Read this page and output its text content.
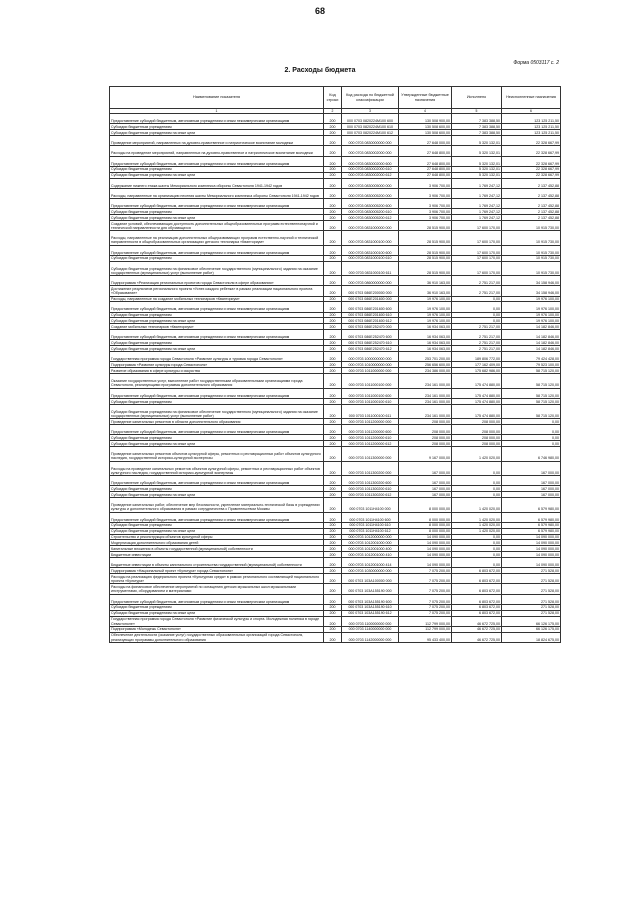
68
Форма 0503117 с. 2
2. Расходы бюджета
Наименование показателя	Код строки	Код расхода по бюджетной классификации	Утвержденные бюджетные назначения	Исполнено	Неисполненные назначения
1	2	3	4	5	6
Предоставление субсидий бюджетным, автономным учреждениям и иным некоммерческим организациям	200	000 0703 0820224M100 600	130 508 900,00	7 383 388,50	123 125 211,50
Субсидии бюджетным учреждениям	200	000 0703 0820224M100 610	130 508 600,00	7 383 388,50	123 125 211,50
Субсидии бюджетным учреждениям на иные цели	200	000 0703 0820224M100 612	130 508 600,00	7 383 388,50	123 125 211,50
Проведение мероприятий, направленных на духовно-нравственное и патриотическое воспитание молодежи	200	000 0703 0830000000 000	27 648 000,00	5 320 132,01	22 328 667,99
Расходы на проведение мероприятий, направленных на духовно-нравственное и патриотическое воспитание молодежи	200	000 0703 0830002000 000	27 648 800,00	5 320 132,01	22 328 667,99
Предоставление субсидий бюджетным, автономным учреждениям и иным некоммерческим организациям	200	000 0703 0830002000 600	27 648 800,00	5 320 132,01	22 328 667,99
Субсидии бюджетным учреждениям	200	000 0703 0830002000 610	27 648 800,00	5 320 132,01	22 328 667,99
Субсидии бюджетным учреждениям на иные цели	200	000 0703 0830002000 612	27 648 800,00	5 320 132,01	22 328 667,99
Содержание нижнего этажа шахты Мемориального комплекса обороны Севастополя 1941-1942 годов	200	000 0703 0830005000 000	3 906 700,00	1 769 247,12	2 137 452,88
Расходы, направленные на организацию несения шахты Мемориального комплекса обороны Севастополя 1941-1942 годов	200	000 0703 0830005200 000	3 906 700,00	1 769 247,12	2 137 452,88
Предоставление субсидий бюджетным, автономным учреждениям и иным некоммерческим организациям	200	000 0703 0830005200 600	3 906 700,00	1 769 247,12	2 137 452,88
Субсидии бюджетным учреждениям	200	000 0703 0830005200 610	3 906 700,00	1 769 247,12	2 137 452,88
Субсидии бюджетным учреждениям на иные цели	200	000 0703 0830005200 612	3 906 700,00	1 769 247,12	2 137 452,88
Создание условий, обеспечивающих доступность дополнительных общеобразовательных программ естественнонаучной и технической направленности для обучающихся	200	000 0703 0831000000 000	28 515 900,00	17 600 170,00	10 915 730,00
Расходы, направленные на реализацию дополнительных общеразвивающих программ естественно-научной и технической направленности в общеобразовательных организациях детского технопарка «Кванториум»	200	000 0703 0831000100 000	28 515 900,00	17 600 170,00	10 915 730,00
Предоставление субсидий бюджетным, автономным учреждениям и иным некоммерческим организациям	200	000 0703 0831000100 600	28 515 900,00	17 600 170,00	10 915 730,00
Субсидии бюджетным учреждениям	200	000 0703 0831000100 610	28 515 900,00	17 600 170,00	10 915 730,00
Субсидии бюджетным учреждениям на финансовое обеспечение государственного (муниципального) задания на оказание государственных (муниципальных) услуг (выполнение работ)	200	000 0703 0831000100 611	28 515 900,00	17 600 170,00	10 915 730,00
Подпрограмма «Реализация региональных проектов города Севастополя в сфере образования»	200	000 0703 0860000000 000	36 910 163,00	2 751 217,00	34 158 946,00
Достижение результатов регионального проекта «Успех каждого ребенка» в рамках реализации национального проекта «Образование»	200	000 0703 086E200000 000	36 910 163,00	2 751 217,00	34 158 946,00
Расходы, направленные на создание мобильных технопарков «Кванториум»	200	000 0703 086E201600 000	19 976 100,00	0,00	19 976 100,00
Предоставление субсидий бюджетным, автономным учреждениям и иным некоммерческим организациям	200	000 0703 086E201600 600	19 976 100,00	0,00	19 976 100,00
Субсидии бюджетным учреждениям	200	000 0703 086E201600 610	19 976 100,00	0,00	19 976 100,00
Субсидии бюджетным учреждениям на иные цели	200	000 0703 086E201600 612	19 976 100,00	0,00	19 976 100,00
Создание мобильных технопарков «Кванториум»	200	000 0703 086E252470 000	16 934 063,00	2 751 217,00	14 182 846,00
Предоставление субсидий бюджетным, автономным учреждениям и иным некоммерческим организациям	200	000 0703 086E252470 600	16 934 063,00	2 751 217,00	14 182 846,00
Субсидии бюджетным учреждениям	200	000 0703 086E252470 610	16 934 063,00	2 751 217,00	14 182 846,00
Субсидии бюджетным учреждениям на иные цели	200	000 0703 086E252470 612	16 934 063,00	2 751 217,00	14 182 846,00
Государственная программа города Севастополя «Развитие культуры и туризма города Севастополя»	200	000 0703 1000000000 000	253 701 200,00	189 806 772,00	79 424 428,00
Подпрограмма «Развитие культуры города Севастополя»	200	000 0703 1010000000 000	256 656 600,00	177 162 409,00	79 523 100,00
Развитие образования в сфере культуры и искусства	200	000 0703 1011000000 000	234 386 000,00	175 682 986,00	58 715 120,00
Оказание государственных услуг, выполнение работ государственными образовательными организациями города Севастополя, реализующими программы дополнительного образования	200	000 0703 1011000100 000	234 161 000,00	175 474 880,00	58 715 120,00
Предоставление субсидий бюджетным, автономным учреждениям и иным некоммерческим организациям	200	000 0703 1011000100 600	234 161 000,00	175 474 880,00	58 715 120,00
Субсидии бюджетным учреждениям	200	000 0703 1011000100 610	234 161 000,00	175 474 880,00	58 715 120,00
Субсидии бюджетным учреждениям на финансовое обеспечение государственного (муниципального) задания на оказание государственных (муниципальных) услуг (выполнение работ)	200	000 0703 1011000100 611	234 161 000,00	175 474 880,00	58 715 120,00
Проведение капитальных ремонтов в области дополнительного образования	200	000 0703 1011200000 000	208 000,00	208 000,00	0,00
Предоставление субсидий бюджетным, автономным учреждениям и иным некоммерческим организациям	200	000 0703 1011200000 600	208 000,00	208 000,00	0,00
Субсидии бюджетным учреждениям	200	000 0703 1011200000 610	208 000,00	208 000,00	0,00
Субсидии бюджетным учреждениям на иные цели	200	000 0703 1011200000 612	208 000,00	208 000,00	0,00
Проведение капитальных ремонтов объектов культурной сферы, ремонтных и реставрационных работ объектов культурного наследия, государственной историко-культурной экспертизы	200	000 0703 1011300000 000	9 167 000,00	1 420 020,00	6 746 980,00
Расходы на проведение капитальных ремонтов объектов культурной сферы, ремонтных и реставрационных работ объектов культурного наследия, государственной историко-культурной экспертизы	200	000 0703 1011300200 000	167 000,00	0,00	167 000,00
Предоставление субсидий бюджетным, автономным учреждениям и иным некоммерческим организациям	200	000 0703 1011300200 600	167 000,00	0,00	167 000,00
Субсидии бюджетным учреждениям	200	000 0703 1011300200 610	167 000,00	0,00	167 000,00
Субсидии бюджетным учреждениям на иные цели	200	000 0703 1011300200 612	167 000,00	0,00	167 000,00
Проведение капитальных работ, обеспечение мер безопасности, укрепление материально-технической базы в учреждениях культуры и дополнительного образования в рамках сотрудничества с Правительством Москвы	200	000 0703 1011H4100 000	8 000 000,00	1 420 020,00	6 579 980,00
Предоставление субсидий бюджетным, автономным учреждениям и иным некоммерческим организациям	200	000 0703 1011H4100 600	8 000 000,00	1 420 020,00	6 579 980,00
Субсидии бюджетным учреждениям	200	000 0703 1011H4100 610	8 000 000,00	1 420 020,00	6 579 980,00
Субсидии бюджетным учреждениям на иные цели	200	000 0703 1011H4100 612	8 000 000,00	1 420 020,00	6 579 980,00
Строительство и реконструкция объектов культурной сферы	200	000 0703 1012000000 000	14 090 000,00	0,00	14 090 000,00
Модернизация дополнительного образования детей	200	000 0703 1012001000 000	14 090 000,00	0,00	14 090 000,00
Капитальные вложения в объекты государственной (муниципальной) собственности	200	000 0703 1012001000 400	14 090 000,00	0,00	14 090 000,00
Бюджетные инвестиции	200	000 0703 1012001000 410	14 090 000,00	0,00	14 090 000,00
Бюджетные инвестиции в объекты капитального строительства государственной (муниципальной) собственности	200	000 0703 1012001000 414	14 090 000,00	0,00	14 090 000,00
Подпрограмма «Национальный проект «Культура» города Севастополя»	200	000 0703 1030000000 000	7 075 200,00	6 803 672,00	271 528,00
Расходы на реализацию федерального проекта «Культурная среда» в рамках регионального составляющей национального проекта «Культура»	200	000 0703 103A100000 000	7 075 200,00	6 803 672,00	271 528,00
Расходы на финансовое обеспечение мероприятий по оснащению детских музыкальных школ музыкальными инструментами, оборудованием и материалами	200	000 0703 103A155190 000	7 075 200,00	6 803 672,00	271 528,00
Предоставление субсидий бюджетным, автономным учреждениям и иным некоммерческим организациям	200	000 0703 103A155190 600	7 075 200,00	6 803 672,00	271 528,00
Субсидии бюджетным учреждениям	200	000 0703 103A155190 610	7 075 200,00	6 803 672,00	271 528,00
Субсидии бюджетным учреждениям на иные цели	200	000 0703 103A155190 612	7 075 200,00	6 803 672,00	271 528,00
Государственная программа города Севастополя «Развитие физической культуры и спорта. Молодежная политика в городе Севастополе»	200	000 0703 1100000000 000	112 799 000,00	46 672 725,00	66 126 175,00
Подпрограмма «Молодежь Севастополя»	200	000 0703 1140000000 000	112 799 000,00	46 672 725,00	66 126 175,00
Обеспечение деятельности (оказание услуг) государственных образовательных организаций города Севастополя, реализующих программы дополнительного образования	200	000 0703 1142000000 000	95 433 400,00	46 672 725,00	18 824 675,00
